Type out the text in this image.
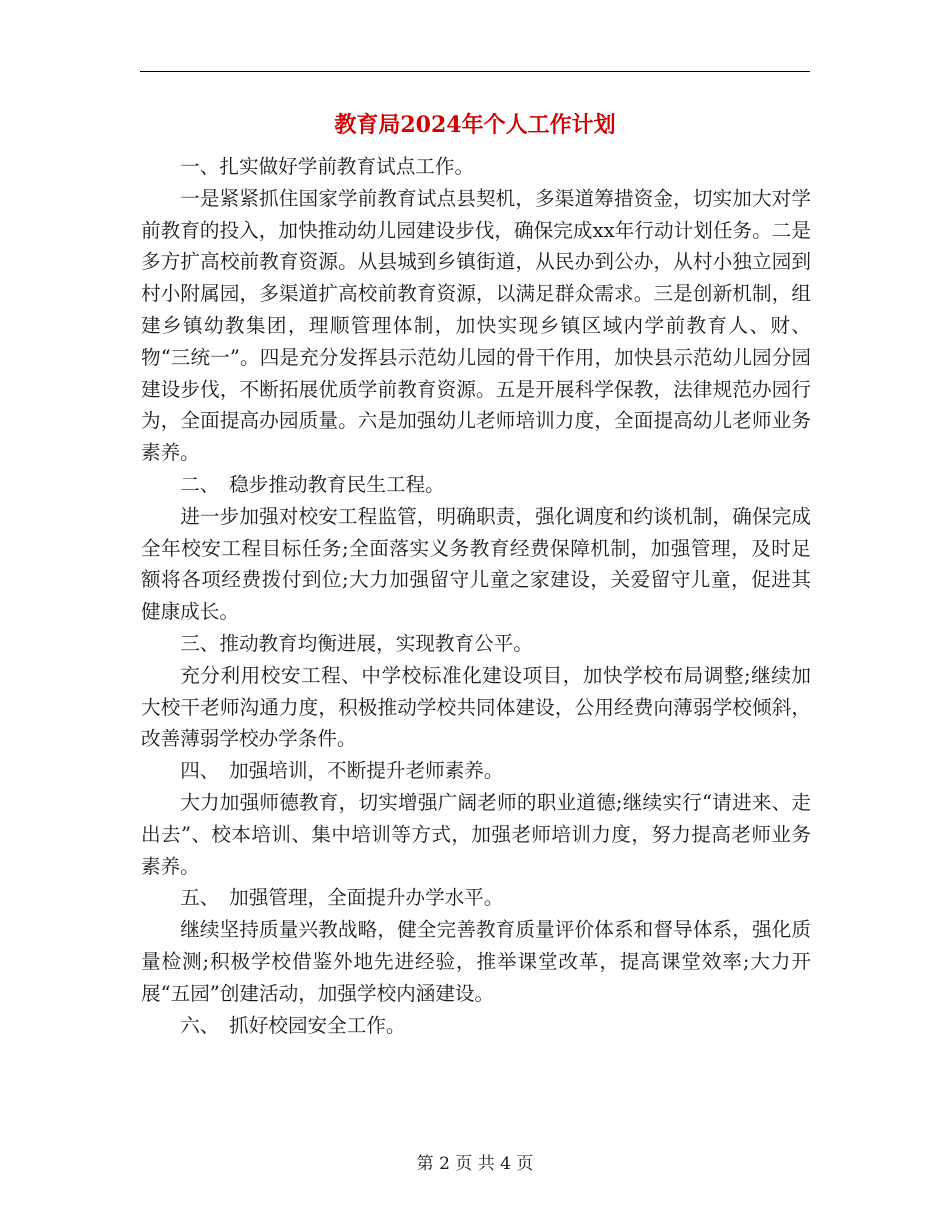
教育局2024年个人工作计划

一、扎实做好学前教育试点工作。

一是紧紧抓住国家学前教育试点县契机，多渠道筹措资金，切实加大对学前教育的投入，加快推动幼儿园建设步伐，确保完成xx年行动计划任务。二是多方扩高校前教育资源。从县城到乡镇街道，从民办到公办，从村小独立园到村小附属园，多渠道扩高校前教育资源，以满足群众需求。三是创新机制，组建乡镇幼教集团，理顺管理体制，加快实现乡镇区域内学前教育人、财、物“三统一”。四是充分发挥县示范幼儿园的骨干作用，加快县示范幼儿园分园建设步伐，不断拓展优质学前教育资源。五是开展科学保教，法律规范办园行为，全面提高办园质量。六是加强幼儿老师培训力度，全面提高幼儿老师业务素养。

二、　稳步推动教育民生工程。

进一步加强对校安工程监管，明确职责，强化调度和约谈机制，确保完成全年校安工程目标任务;全面落实义务教育经费保障机制，加强管理，及时足额将各项经费拨付到位;大力加强留守儿童之家建设，关爱留守儿童，促进其健康成长。

三、推动教育均衡进展，实现教育公平。

充分利用校安工程、中学校标准化建设项目，加快学校布局调整;继续加大校干老师沟通力度，积极推动学校共同体建设，公用经费向薄弱学校倾斜，改善薄弱学校办学条件。

四、　加强培训，不断提升老师素养。

大力加强师德教育，切实增强广阔老师的职业道德;继续实行“请进来、走出去”、校本培训、集中培训等方式，加强老师培训力度，努力提高老师业务素养。

五、　加强管理，全面提升办学水平。

继续坚持质量兴教战略，健全完善教育质量评价体系和督导体系，强化质量检测;积极学校借鉴外地先进经验，推举课堂改革，提高课堂效率;大力开展“五园”创建活动，加强学校内涵建设。

六、　抓好校园安全工作。

第 2 页 共 4 页
